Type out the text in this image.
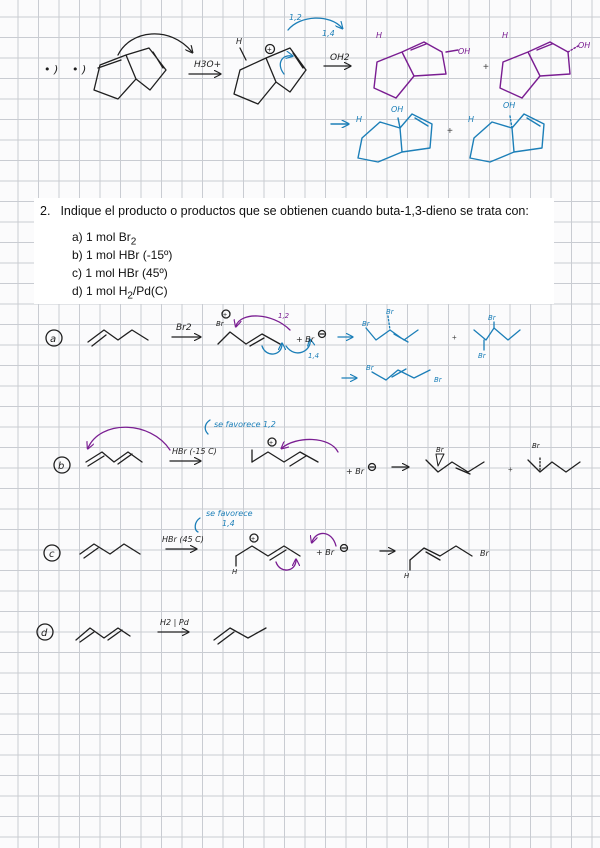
• ) • )	H3O+
H
+
1,2
1,4
OH2
H
OH
+
H
OH
H
OH
+
H
OH
a
Br2	Br
+	1,2
1,4
+ Br
Br
Br
+
Br
Br
Br
Br
b
HBr (-15 C)
se favorece 1,2
+
+ Br
Br
+
Br
c
HBr (45 C)
se favorece
1,4
H
+
+ Br
H
Br
d
H2 | Pd
2. Indique el producto o productos que se obtienen cuando buta-1,3-dieno se trata con:
a) 1 mol $Br_2$
b) 1 mol HBr (-15º)
c) 1 mol HBr (45º)
d) 1 mol $H_2/Pd(C)$
